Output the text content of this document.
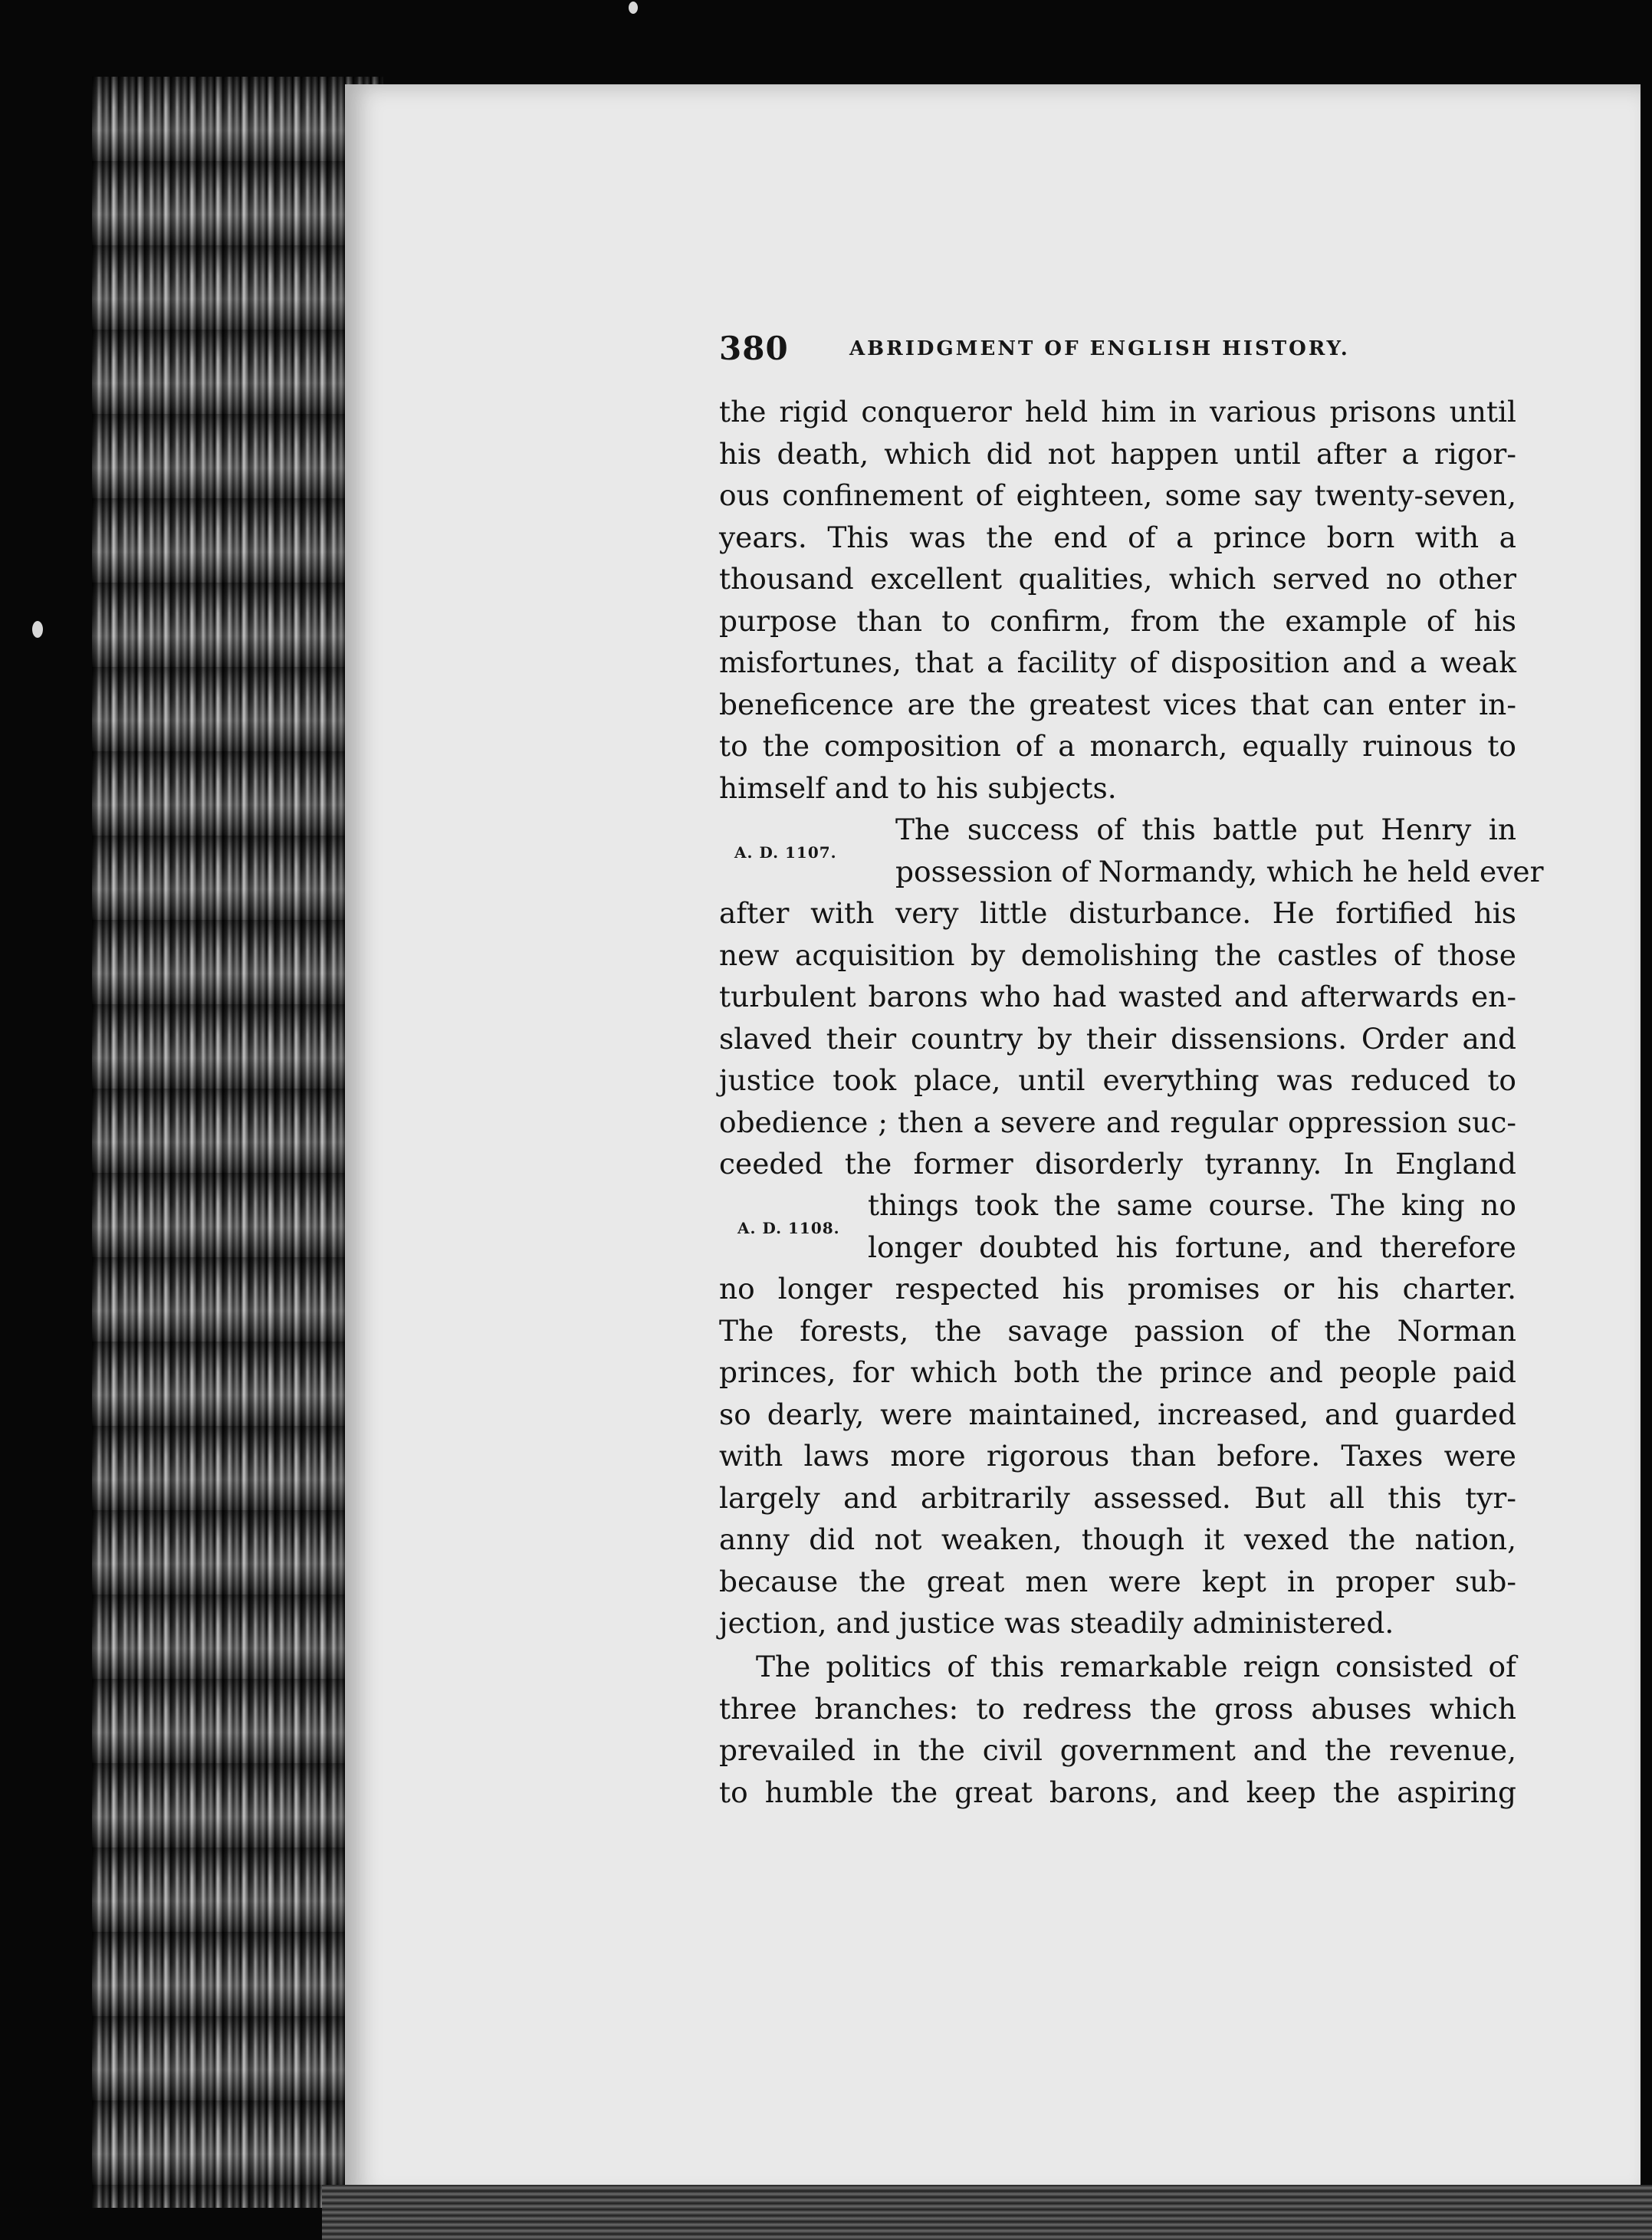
380	ABRIDGMENT OF ENGLISH HISTORY.
the rigid conqueror held him in various prisons until
his death, which did not happen until after a rigor-
ous confinement of eighteen, some say twenty-seven,
years. This was the end of a prince born with a
thousand excellent qualities, which served no other
purpose than to confirm, from the example of his
misfortunes, that a facility of disposition and a weak
beneficence are the greatest vices that can enter in-
to the composition of a monarch, equally ruinous to
himself and to his subjects.
A. D. 1107.
The success of this battle put Henry in
possession of Normandy, which he held ever
after with very little disturbance. He fortified his
new acquisition by demolishing the castles of those
turbulent barons who had wasted and afterwards en-
slaved their country by their dissensions. Order and
justice took place, until everything was reduced to
obedience ; then a severe and regular oppression suc-
ceeded the former disorderly tyranny. In England
A. D. 1108.
things took the same course. The king no
longer doubted his fortune, and therefore
no longer respected his promises or his charter.
The forests, the savage passion of the Norman
princes, for which both the prince and people paid
so dearly, were maintained, increased, and guarded
with laws more rigorous than before. Taxes were
largely and arbitrarily assessed. But all this tyr-
anny did not weaken, though it vexed the nation,
because the great men were kept in proper sub-
jection, and justice was steadily administered.
The politics of this remarkable reign consisted of
three branches: to redress the gross abuses which
prevailed in the civil government and the revenue,
to humble the great barons, and keep the aspiring
